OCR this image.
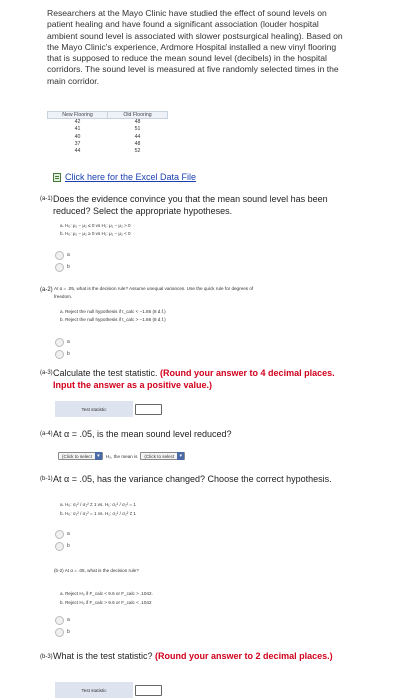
Researchers at the Mayo Clinic have studied the effect of sound levels on patient healing and have found a significant association (louder hospital ambient sound level is associated with slower postsurgical healing). Based on the Mayo Clinic's experience, Ardmore Hospital installed a new vinyl flooring that is supposed to reduce the mean sound level (decibels) in the hospital corridors. The sound level is measured at five randomly selected times in the main corridor.
New Flooring	Old Flooring
42	48
41	51
40	44
37	48
44	52
Click here for the Excel Data File
(a-1) Does the evidence convince you that the mean sound level has been reduced? Select the appropriate hypotheses.
a. H₀: μ₁ − μ₂ ≤ 0 vs H₁: μ₁ − μ₂ > 0
b. H₀: μ₁ − μ₂ ≥ 0 vs H₁: μ₁ − μ₂ < 0
a
b
(a-2) At α = .05, what is the decision rule? Assume unequal variances. Use the quick rule for degrees of
freedom.
a. Reject the null hypothesis if t_calc < −1.86 (8 d.f.)
b. Reject the null hypothesis if t_calc > −1.86 (8 d.f.)
a
b
(a-3) Calculate the test statistic. (Round your answer to 4 decimal places. Input the answer as a positive value.)
Test statistic
(a-4) At α = .05, is the mean sound level reduced?
(Click to select	▾	H₀, the mean is	(Click to select	▾
(b-1) At α = .05, has the variance changed? Choose the correct hypothesis.
a. H₀: σ₁² / σ₂² ≠ 1 vs. H₁: σ₁² / σ₂² = 1
b. H₀: σ₁² / σ₂² = 1 vs. H₁: σ₁² / σ₂² ≠ 1
a
b
(b-2) At α = .05, what is the decision rule?
a. Reject H₀ if F_calc < 9.6 or F_calc > .1042.
b. Reject H₀ if F_calc > 9.6 or F_calc < .1042
a
b
(b-3) What is the test statistic? (Round your answer to 2 decimal places.)
Test statistic
